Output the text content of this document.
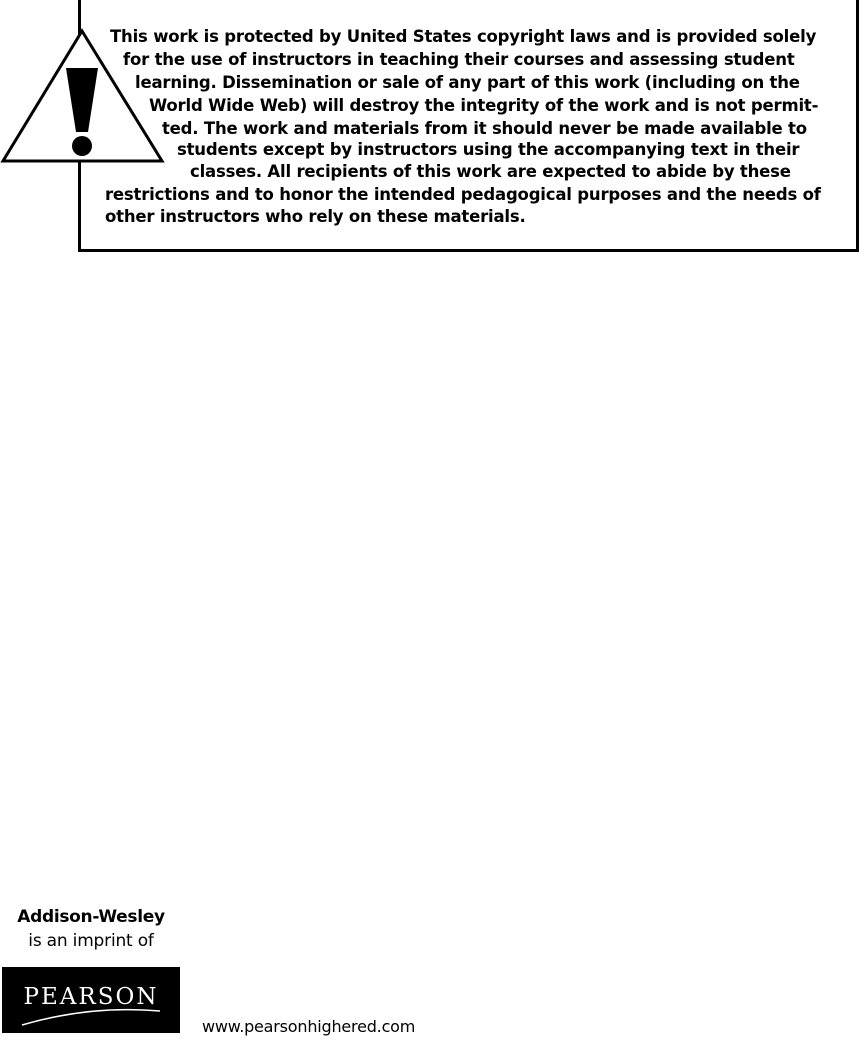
This work is protected by United States copyright laws and is provided solely
for the use of instructors in teaching their courses and assessing student
learning. Dissemination or sale of any part of this work (including on the
World Wide Web) will destroy the integrity of the work and is not permit-
ted. The work and materials from it should never be made available to
students except by instructors using the accompanying text in their
classes. All recipients of this work are expected to abide by these
restrictions and to honor the intended pedagogical purposes and the needs of
other instructors who rely on these materials.
Addison-Wesley
is an imprint of
PEARSON
www.pearsonhighered.com
